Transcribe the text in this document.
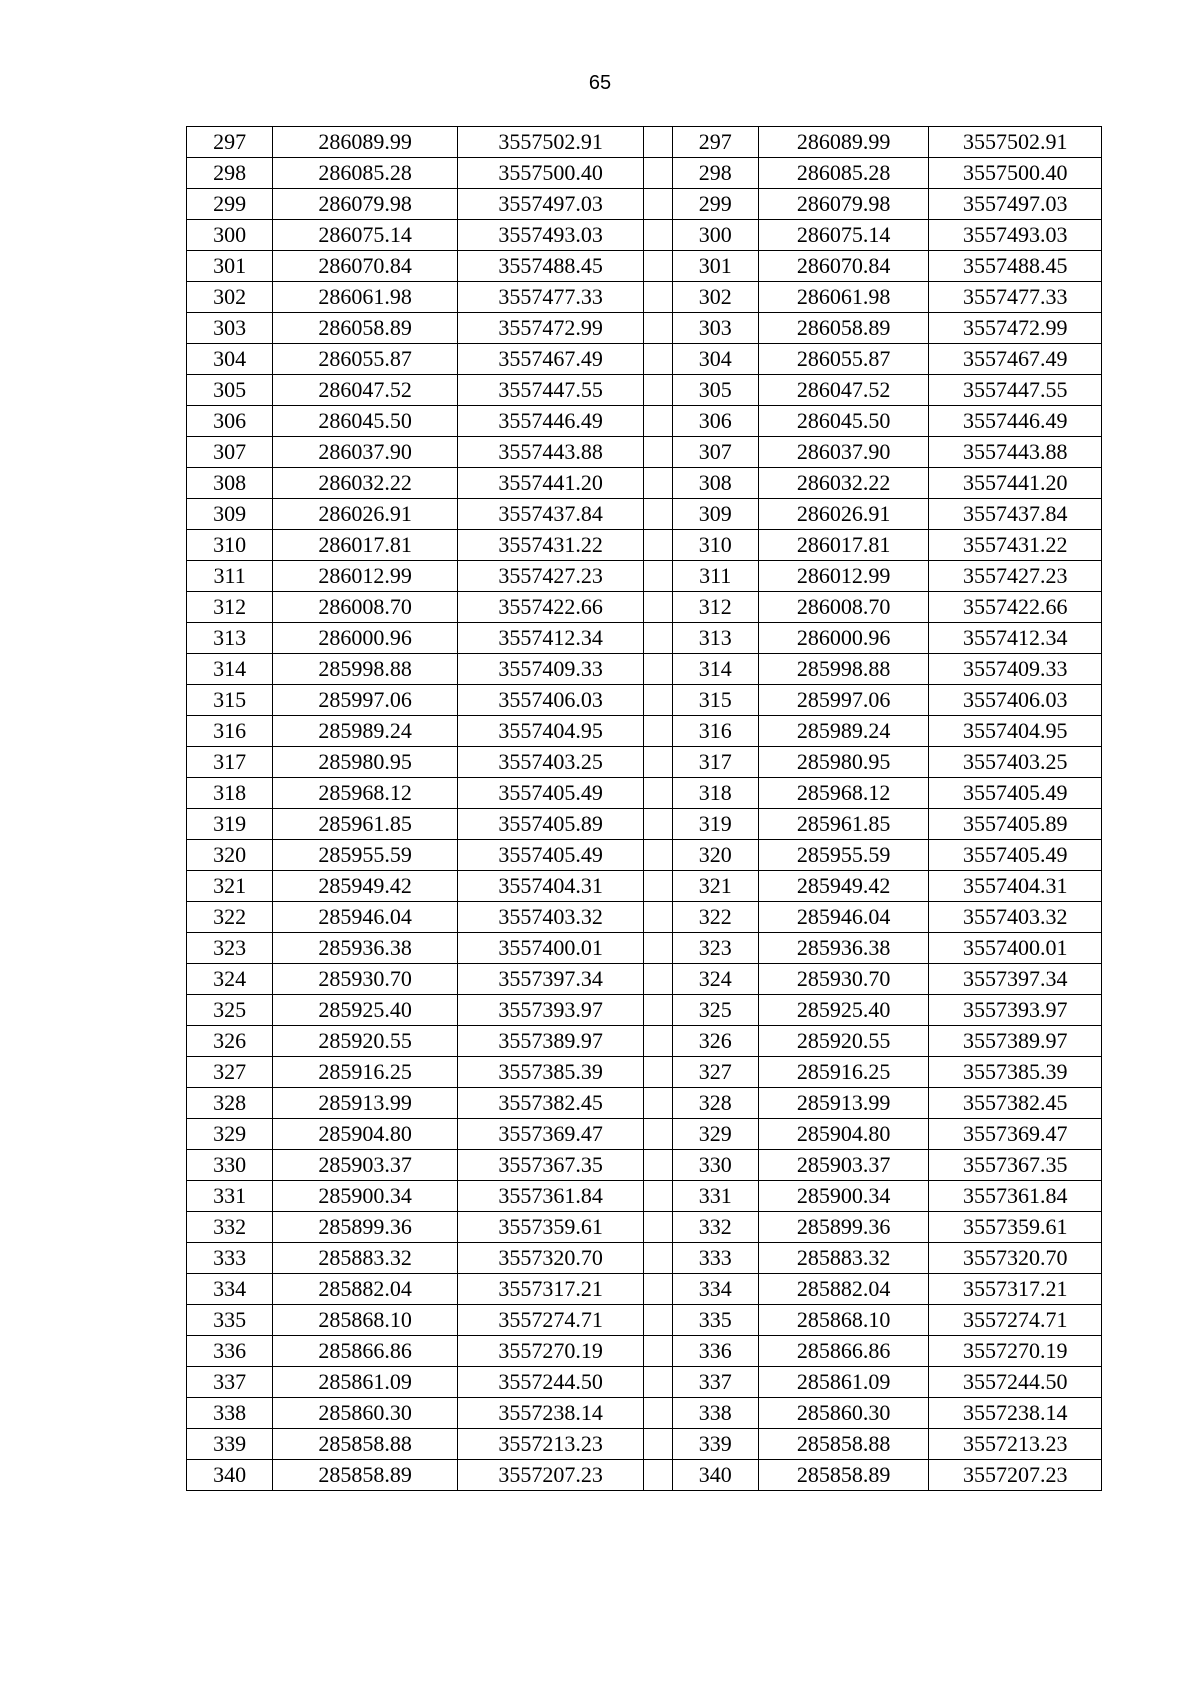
65
297	286089.99	3557502.91		297	286089.99	3557502.91
298	286085.28	3557500.40		298	286085.28	3557500.40
299	286079.98	3557497.03		299	286079.98	3557497.03
300	286075.14	3557493.03		300	286075.14	3557493.03
301	286070.84	3557488.45		301	286070.84	3557488.45
302	286061.98	3557477.33		302	286061.98	3557477.33
303	286058.89	3557472.99		303	286058.89	3557472.99
304	286055.87	3557467.49		304	286055.87	3557467.49
305	286047.52	3557447.55		305	286047.52	3557447.55
306	286045.50	3557446.49		306	286045.50	3557446.49
307	286037.90	3557443.88		307	286037.90	3557443.88
308	286032.22	3557441.20		308	286032.22	3557441.20
309	286026.91	3557437.84		309	286026.91	3557437.84
310	286017.81	3557431.22		310	286017.81	3557431.22
311	286012.99	3557427.23		311	286012.99	3557427.23
312	286008.70	3557422.66		312	286008.70	3557422.66
313	286000.96	3557412.34		313	286000.96	3557412.34
314	285998.88	3557409.33		314	285998.88	3557409.33
315	285997.06	3557406.03		315	285997.06	3557406.03
316	285989.24	3557404.95		316	285989.24	3557404.95
317	285980.95	3557403.25		317	285980.95	3557403.25
318	285968.12	3557405.49		318	285968.12	3557405.49
319	285961.85	3557405.89		319	285961.85	3557405.89
320	285955.59	3557405.49		320	285955.59	3557405.49
321	285949.42	3557404.31		321	285949.42	3557404.31
322	285946.04	3557403.32		322	285946.04	3557403.32
323	285936.38	3557400.01		323	285936.38	3557400.01
324	285930.70	3557397.34		324	285930.70	3557397.34
325	285925.40	3557393.97		325	285925.40	3557393.97
326	285920.55	3557389.97		326	285920.55	3557389.97
327	285916.25	3557385.39		327	285916.25	3557385.39
328	285913.99	3557382.45		328	285913.99	3557382.45
329	285904.80	3557369.47		329	285904.80	3557369.47
330	285903.37	3557367.35		330	285903.37	3557367.35
331	285900.34	3557361.84		331	285900.34	3557361.84
332	285899.36	3557359.61		332	285899.36	3557359.61
333	285883.32	3557320.70		333	285883.32	3557320.70
334	285882.04	3557317.21		334	285882.04	3557317.21
335	285868.10	3557274.71		335	285868.10	3557274.71
336	285866.86	3557270.19		336	285866.86	3557270.19
337	285861.09	3557244.50		337	285861.09	3557244.50
338	285860.30	3557238.14		338	285860.30	3557238.14
339	285858.88	3557213.23		339	285858.88	3557213.23
340	285858.89	3557207.23		340	285858.89	3557207.23
